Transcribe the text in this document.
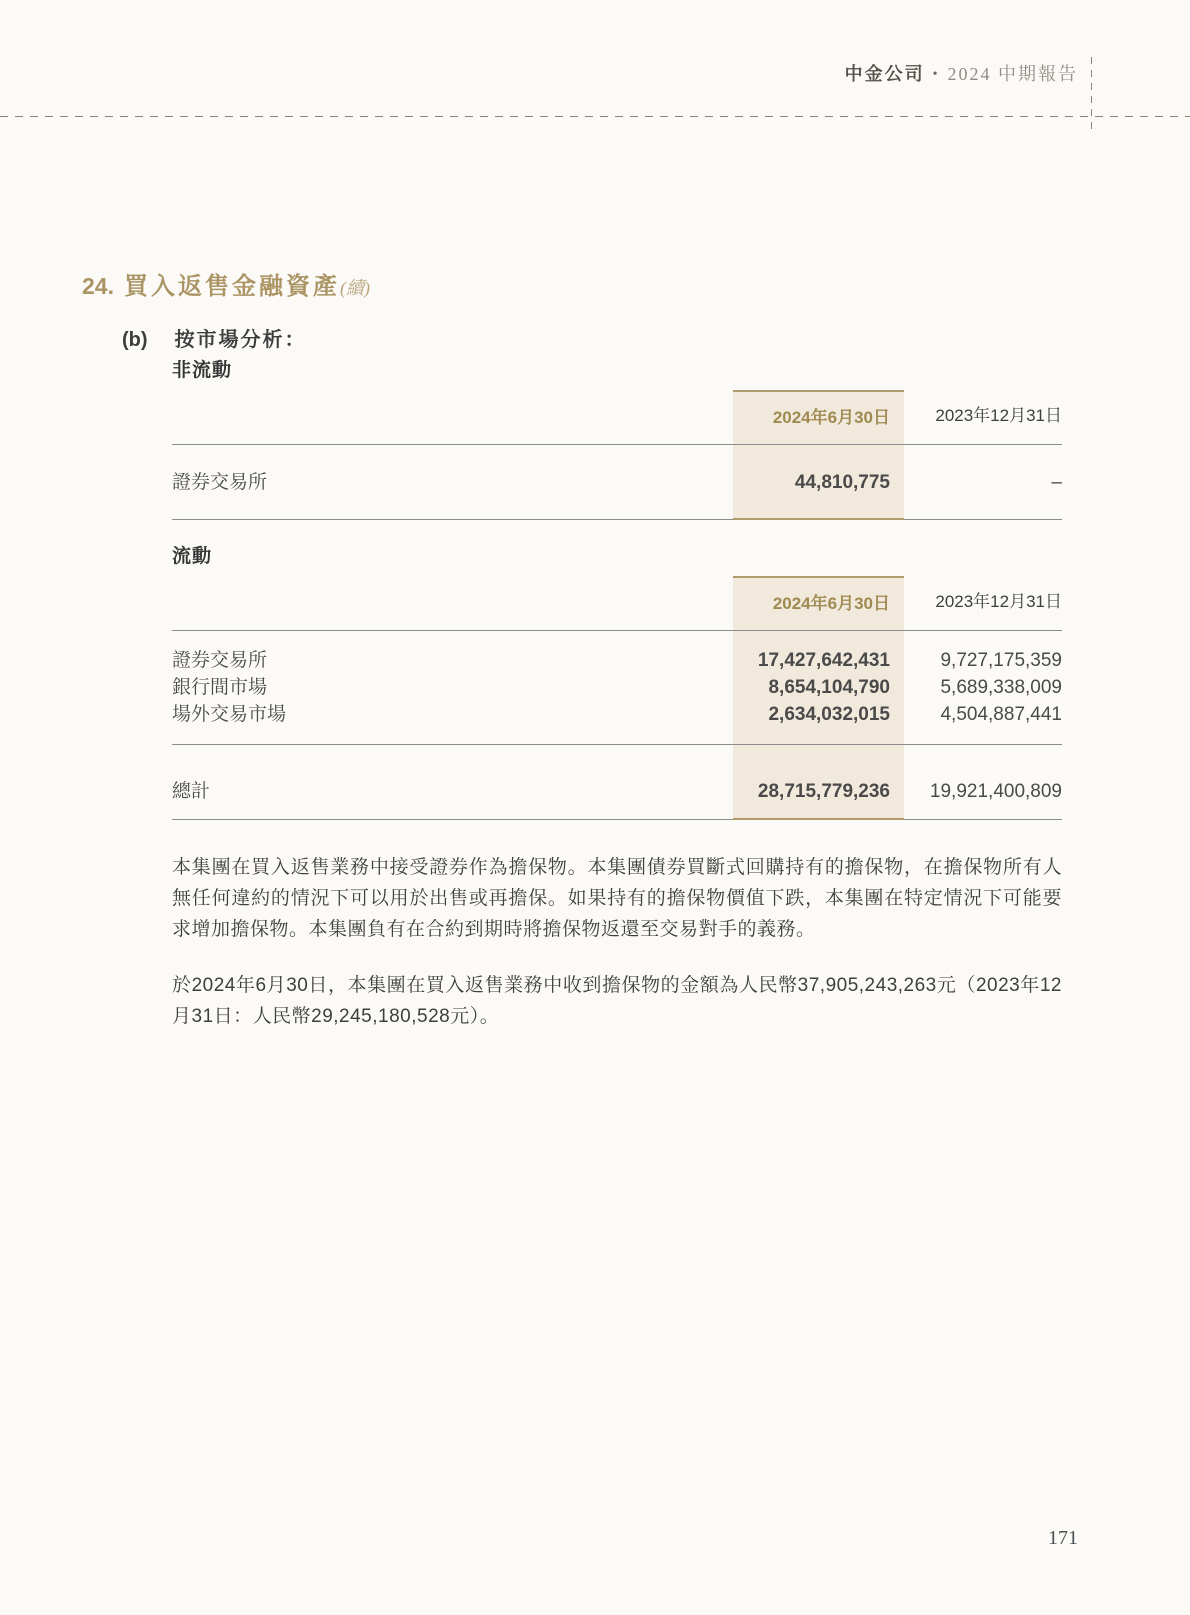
中金公司 • 2024 中期報告
24. 買入返售金融資產(續)
(b) 按市場分析：
非流動
2024年6月30日	2023年12月31日
證券交易所	44,810,775	–
流動
2024年6月30日	2023年12月31日
證券交易所	17,427,642,431	9,727,175,359
銀行間市場	8,654,104,790	5,689,338,009
場外交易市場	2,634,032,015	4,504,887,441
總計	28,715,779,236	19,921,400,809

本集團在買入返售業務中接受證券作為擔保物。本集團債券買斷式回購持有的擔保物，在擔保物所有人無任何違約的情況下可以用於出售或再擔保。如果持有的擔保物價值下跌，本集團在特定情況下可能要求增加擔保物。本集團負有在合約到期時將擔保物返還至交易對手的義務。

於2024年6月30日，本集團在買入返售業務中收到擔保物的金額為人民幣37,905,243,263元（2023年12月31日：人民幣29,245,180,528元）。

171
